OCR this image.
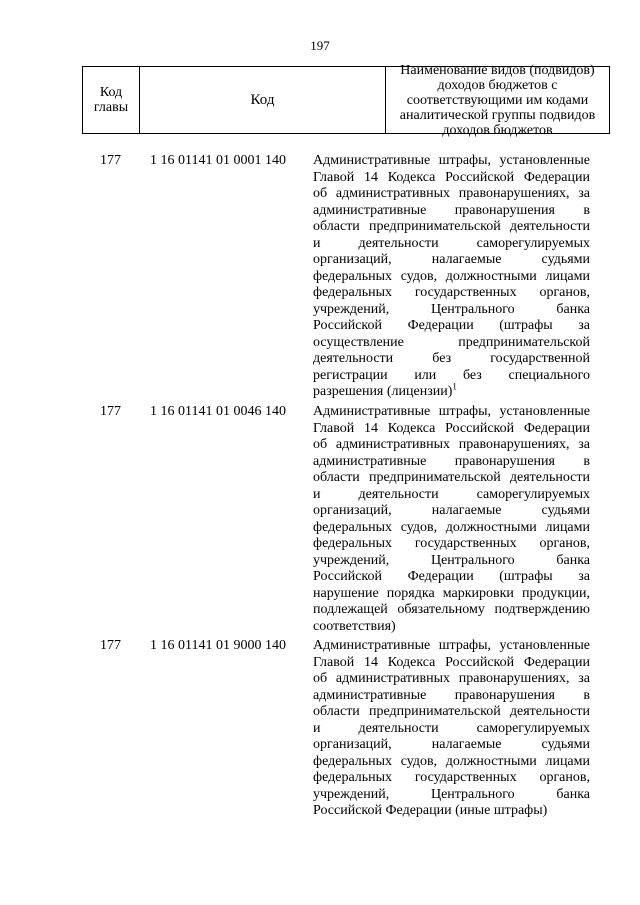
197
Код главы	Код
Наименование видов (подвидов) доходов бюджетов с соответствующими им кодами аналитической группы подвидов доходов бюджетов
177	1 16 01141 01 0001 140	Административные штрафы, установленные
Главой 14 Кодекса Российской Федерации
об административных правонарушениях, за
административные правонарушения в
области предпринимательской деятельности
и деятельности саморегулируемых
организаций, налагаемые судьями
федеральных судов, должностными лицами
федеральных государственных органов,
учреждений, Центрального банка
Российской Федерации (штрафы за
осуществление предпринимательской
деятельности без государственной
регистрации или без специального
разрешения (лицензии)$^1$
177	1 16 01141 01 0046 140	Административные штрафы, установленные
Главой 14 Кодекса Российской Федерации
об административных правонарушениях, за
административные правонарушения в
области предпринимательской деятельности
и деятельности саморегулируемых
организаций, налагаемые судьями
федеральных судов, должностными лицами
федеральных государственных органов,
учреждений, Центрального банка
Российской Федерации (штрафы за
нарушение порядка маркировки продукции,
подлежащей обязательному подтверждению
соответствия)
177	1 16 01141 01 9000 140	Административные штрафы, установленные
Главой 14 Кодекса Российской Федерации
об административных правонарушениях, за
административные правонарушения в
области предпринимательской деятельности
и деятельности саморегулируемых
организаций, налагаемые судьями
федеральных судов, должностными лицами
федеральных государственных органов,
учреждений, Центрального банка
Российской Федерации (иные штрафы)
